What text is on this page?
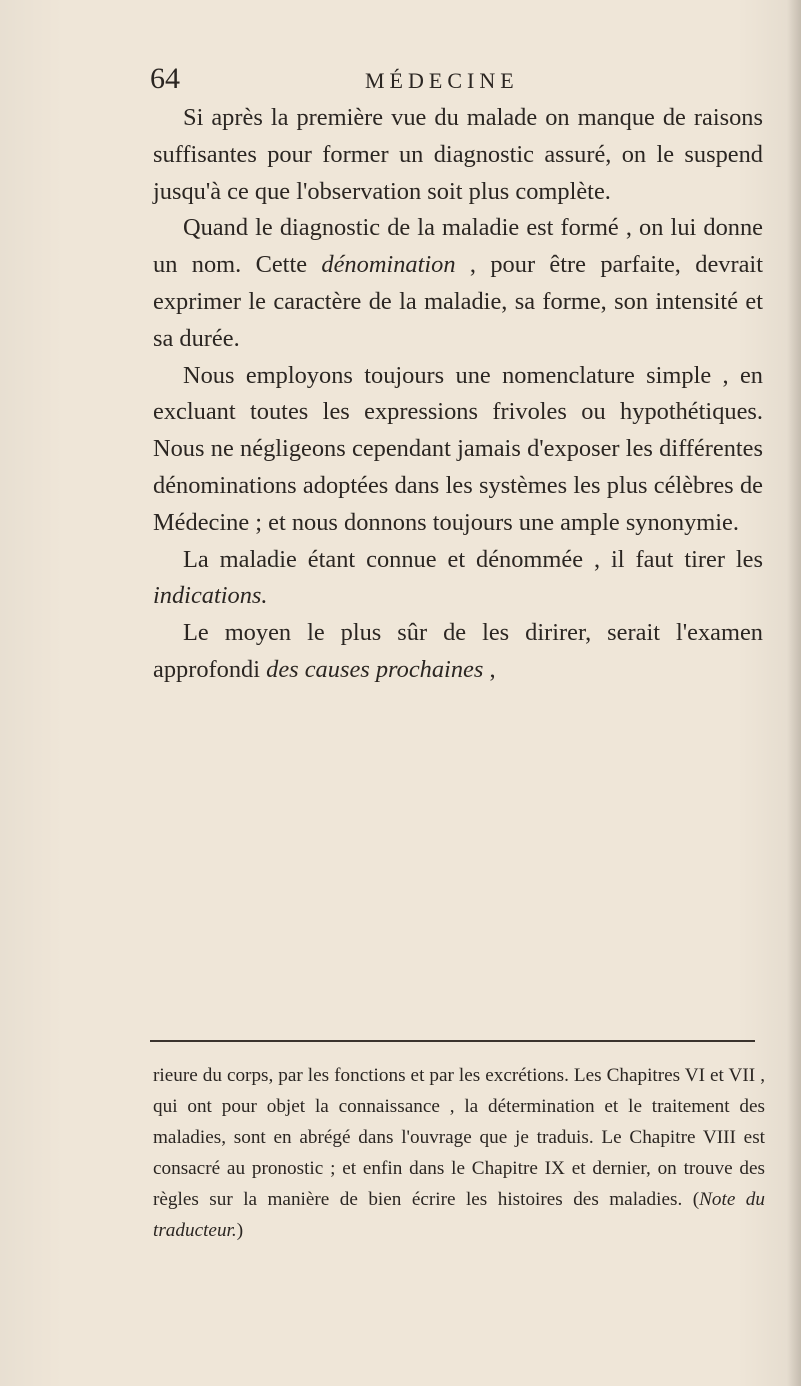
64	MÉDECINE

Si après la première vue du malade on manque de raisons suffisantes pour former un diagnostic assuré, on le suspend jusqu'à ce que l'observation soit plus complète.

Quand le diagnostic de la maladie est formé , on lui donne un nom. Cette dénomination , pour être parfaite, devrait exprimer le caractère de la maladie, sa forme, son intensité et sa durée.

Nous employons toujours une nomenclature simple , en excluant toutes les expressions frivoles ou hypothétiques. Nous ne négligeons cependant jamais d'exposer les différentes dénominations adoptées dans les systèmes les plus célèbres de Médecine ; et nous donnons toujours une ample synonymie.

La maladie étant connue et dénommée , il faut tirer les indications.

Le moyen le plus sûr de les dirirer, serait l'examen approfondi des causes prochaines ,

rieure du corps, par les fonctions et par les excrétions. Les Chapitres VI et VII , qui ont pour objet la connaissance , la détermination et le traitement des maladies, sont en abrégé dans l'ouvrage que je traduis. Le Chapitre VIII est consacré au pronostic ; et enfin dans le Chapitre IX et dernier, on trouve des règles sur la manière de bien écrire les histoires des maladies. (Note du traducteur.)
